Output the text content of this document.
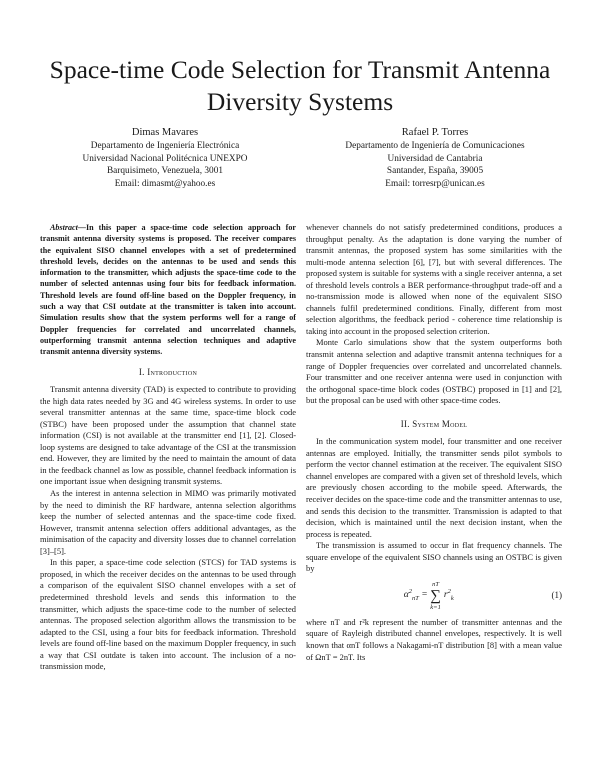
Space-time Code Selection for Transmit Antenna Diversity Systems
Dimas Mavares
Departamento de Ingeniería Electrónica
Universidad Nacional Politécnica UNEXPO
Barquisimeto, Venezuela, 3001
Email: dimasmt@yahoo.es
Rafael P. Torres
Departamento de Ingeniería de Comunicaciones
Universidad de Cantabria
Santander, España, 39005
Email: torresrp@unican.es

Abstract—In this paper a space-time code selection approach for transmit antenna diversity systems is proposed. The receiver compares the equivalent SISO channel envelopes with a set of predetermined threshold levels, decides on the antennas to be used and sends this information to the transmitter, which adjusts the space-time code to the number of selected antennas using four bits for feedback information. Threshold levels are found off-line based on the Doppler frequency, in such a way that CSI outdate at the transmitter is taken into account. Simulation results show that the system performs well for a range of Doppler frequencies for correlated and uncorrelated channels, outperforming transmit antenna selection techniques and adaptive transmit antenna diversity systems.

I. Introduction

Transmit antenna diversity (TAD) is expected to contribute to providing the high data rates needed by 3G and 4G wireless systems. In order to use several transmitter antennas at the same time, space-time block code (STBC) have been proposed under the assumption that channel state information (CSI) is not available at the transmitter end [1], [2]. Closed-loop systems are designed to take advantage of the CSI at the transmission end. However, they are limited by the need to maintain the amount of data in the feedback channel as low as possible, channel feedback information is one important issue when designing transmit systems.

As the interest in antenna selection in MIMO was primarily motivated by the need to diminish the RF hardware, antenna selection algorithms keep the number of selected antennas and the space-time code fixed. However, transmit antenna selection offers additional advantages, as the minimisation of the capacity and diversity losses due to channel correlation [3]–[5].

In this paper, a space-time code selection (STCS) for TAD systems is proposed, in which the receiver decides on the antennas to be used through a comparison of the equivalent SISO channel envelopes with a set of predetermined threshold levels and sends this information to the transmitter, which adjusts the space-time code to the number of selected antennas. The proposed selection algorithm allows the transmission to be adapted to the CSI, using a four bits for feedback information. Threshold levels are found off-line based on the maximum Doppler frequency, in such a way that CSI outdate is taken into account. The inclusion of a no-transmission mode,

whenever channels do not satisfy predetermined conditions, produces a throughput penalty. As the adaptation is done varying the number of transmit antennas, the proposed system has some similarities with the multi-mode antenna selection [6], [7], but with several differences. The proposed system is suitable for systems with a single receiver antenna, a set of threshold levels controls a BER performance-throughput trade-off and a no-transmission mode is allowed when none of the equivalent SISO channels fulfil predetermined conditions. Finally, different from most selection algorithms, the feedback period - coherence time relationship is taking into account in the proposed selection criterion.

Monte Carlo simulations show that the system outperforms both transmit antenna selection and adaptive transmit antenna techniques for a range of Doppler frequencies over correlated and uncorrelated channels. Four transmitter and one receiver antenna were used in conjunction with the orthogonal space-time block codes (OSTBC) proposed in [1] and [2], but the proposal can be used with other space-time codes.

II. System Model

In the communication system model, four transmitter and one receiver antennas are employed. Initially, the transmitter sends pilot symbols to perform the vector channel estimation at the receiver. The equivalent SISO channel envelopes are compared with a given set of threshold levels, which are previously chosen according to the mobile speed. Afterwards, the receiver decides on the space-time code and the transmitter antennas to use, and sends this decision to the transmitter. Transmission is adapted to that decision, which is maintained until the next decision instant, when the process is repeated.

The transmission is assumed to occur in flat frequency channels. The square envelope of the equivalent SISO channels using an OSTBC is given by

$\alpha^2_{nT}$ =
nT
∑
k=1
$r^2_k$	(1)

where nT and r²k represent the number of transmitter antennas and the square of Rayleigh distributed channel envelopes, respectively. It is well known that αnT follows a Nakagami-nT distribution [8] with a mean value of ΩnT = 2nT. Its
